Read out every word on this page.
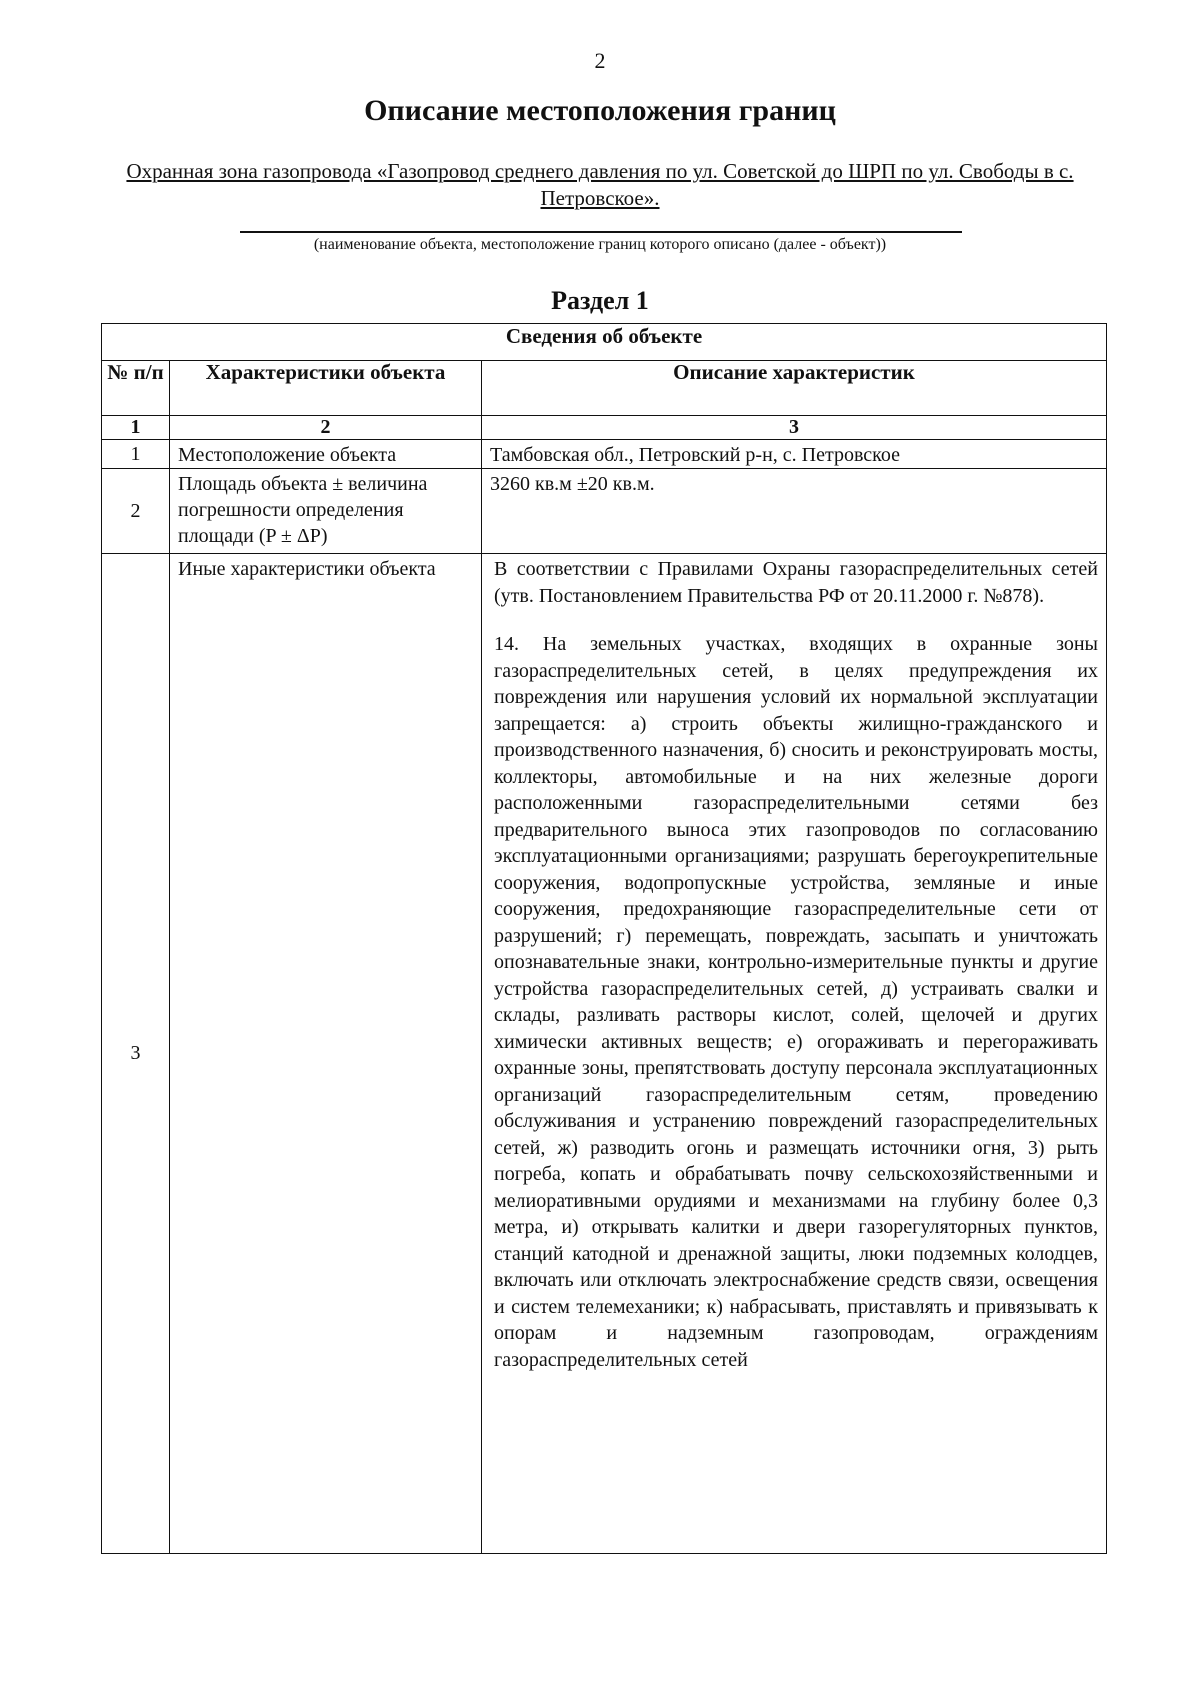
2
Описание местоположения границ
Охранная зона газопровода «Газопровод среднего давления по ул. Советской до ШРП по ул. Свободы в с. Петровское».
(наименование объекта, местоположение границ которого описано (далее - объект))
Раздел 1
Сведения об объекте		
№ п/п	Характеристики объекта	Описание характеристик
1	2	3
1	Местоположение объекта	Тамбовская обл., Петровский р-н, с. Петровское
2	Площадь объекта ± величина погрешности определения площади (P ± ΔP)	3260 кв.м ±20 кв.м.
3	Иные характеристики объекта	В соответствии с Правилами Охраны газораспределительных сетей (утв. Постановлением Правительства РФ от 20.11.2000 г. №878).
14. На земельных участках, входящих в охранные зоны газораспределительных сетей, в целях предупреждения их повреждения или нарушения условий их нормальной эксплуатации запрещается: а) строить объекты жилищно-гражданского и производственного назначения, б) сносить и реконструировать мосты, коллекторы, автомобильные и на них железные дороги расположенными газораспределительными сетями без предварительного выноса этих газопроводов по согласованию эксплуатационными организациями; разрушать берегоукрепительные сооружения, водопропускные устройства, земляные и иные сооружения, предохраняющие газораспределительные сети от разрушений; г) перемещать, повреждать, засыпать и уничтожать опознавательные знаки, контрольно-измерительные пункты и другие устройства газораспределительных сетей, д) устраивать свалки и склады, разливать растворы кислот, солей, щелочей и других химически активных веществ; е) огораживать и перегораживать охранные зоны, препятствовать доступу персонала эксплуатационных организаций газораспределительным сетям, проведению обслуживания и устранению повреждений газораспределительных сетей, ж) разводить огонь и размещать источники огня, 3) рыть погреба, копать и обрабатывать почву сельскохозяйственными и мелиоративными орудиями и механизмами на глубину более 0,3 метра, и) открывать калитки и двери газорегуляторных пунктов, станций катодной и дренажной защиты, люки подземных колодцев, включать или отключать электроснабжение средств связи, освещения и систем телемеханики; к) набрасывать, приставлять и привязывать к опорам и надземным газопроводам, ограждениям газораспределительных сетей
